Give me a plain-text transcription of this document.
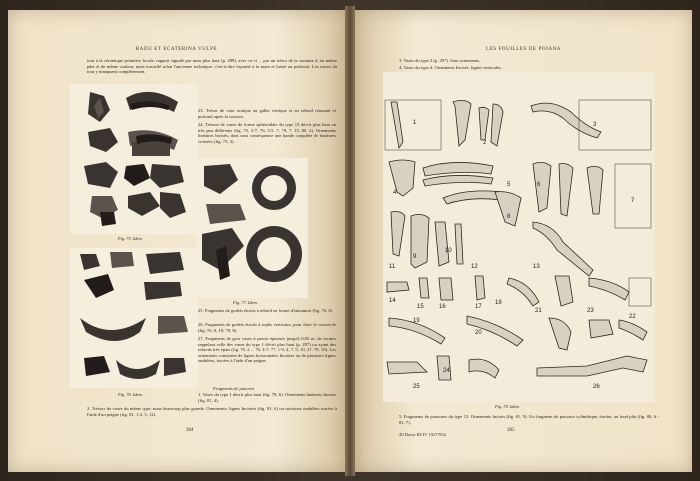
RADU ET ECATERINA VULPE
tour à la céramique primitive locale, rapport signalé par nous plus haut (p. 289), avec ce-ci ... par un trésor de la variante d, en même pâte et de même couleur, mais travaillé selon l'ancienne technique: c'est-à-dire façonné à la main et lustré au polissoir. Les traces du tour y manquent complètement.
23. Trésor de vase ornique au galbe vertique et au rebord retourné et profond après la cuisson.
24. Trésors de vases de forme sphéroïdale du type 13 décrit plus haut en très peu différents (fig. 75, 3-7; 76, 5-5, 7; 79, 7, 15; 80, 2). Ornements linéaires Incisés, dont sous conséquence une bande complète de hachures croisées (fig. 75, 3).
Fig. 75. Idem.
Fig. 77. Idem.
Fig. 76. Idem.
25. Fragments de godets étroits à rebord en forme d'entonnoir (fig. 76, 6).
26. Fragments de godets étroits à replis verticaux, pour fixer le couvercle (fig. 76, 8, 10; 78, 8).
27. Fragments de gros vases à parois épaisses jusqu'à 0,02 m, de formes rappelant celle des vases du type 1 décrit plus haut (p. 297) ou ayant des rebords très épais (fig. 76, 2 ... 76, 4-7; 77, 1-9, 4, 7, 9, 10, 27; 78, 10). Les ornements consistent de lignes horizontales Incisées ou de plusieurs lignes ondulées, tracées à l'aide d'un peigne.
Fragments de poteries
1. Vases du type 1 décrit plus haut (fig. 78, 6). Ornements linéaires Incisés (fig. 81, 4).
2. Trésors de vases du même type, mais beaucoup plus grande. Ornements: lignes Incisées (fig. 81, 6) ou incisions ondulées tracées à l'aide d'un peigne (fig. 81, 1-2, 5, 12).
304
LES FOUILLES DE POIANA
3. Vases du type 2 (p. 297). Sans ornements.
4. Vases du type 4. Ornements Incisés: lignes verticales.
3
1
2
4
5	6
7
8
9
10
11	12	13
14
15	16	17
18
22
19
20
21	23
24
25	26
Fig. 78. Idem.
5. Fragments de passoires du type 12. Ornements Incisés (fig. 81, 9). Un fragment de passoire cylindrique, étroite, au fond plat (fig. 80, 6 - 81, 7).
20 Dacia III-IV 1927/932
305
